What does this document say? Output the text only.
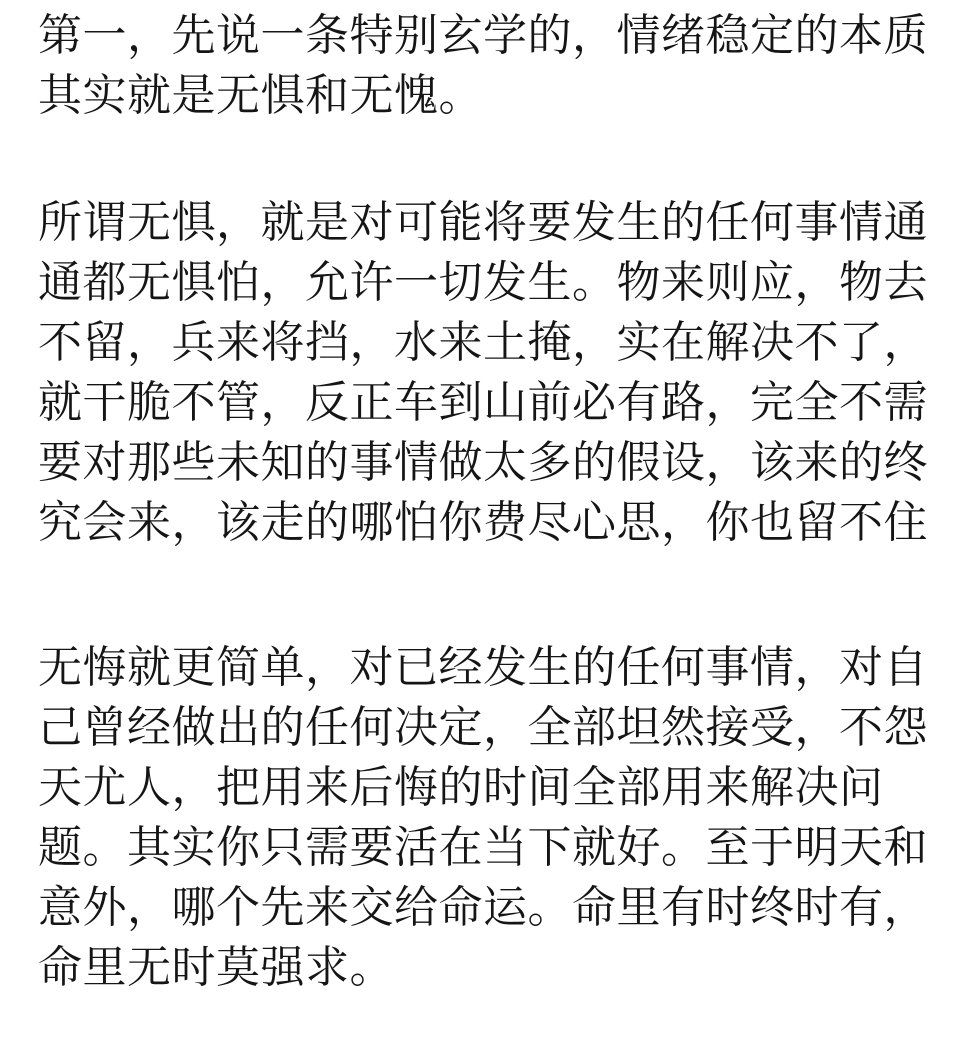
第一，先说一条特别玄学的，情绪稳定的本质
其实就是无惧和无愧。
所谓无惧，就是对可能将要发生的任何事情通
通都无惧怕，允许一切发生。物来则应，物去
不留，兵来将挡，水来土掩，实在解决不了，
就干脆不管，反正车到山前必有路，完全不需
要对那些未知的事情做太多的假设，该来的终
究会来，该走的哪怕你费尽心思，你也留不住
无悔就更简单，对已经发生的任何事情，对自
己曾经做出的任何决定，全部坦然接受，不怨
天尤人，把用来后悔的时间全部用来解决问
题。其实你只需要活在当下就好。至于明天和
意外，哪个先来交给命运。命里有时终时有，
命里无时莫强求。
